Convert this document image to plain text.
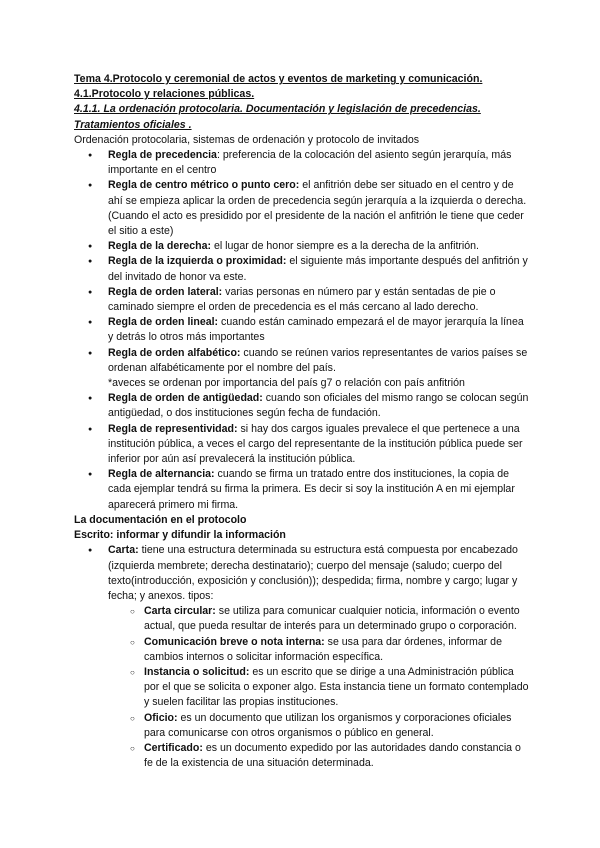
Tema 4.Protocolo y ceremonial de actos y eventos de marketing y comunicación.

4.1.Protocolo y relaciones públicas.

4.1.1. La ordenación protocolaria. Documentación y legislación de precedencias. Tratamientos oficiales .

Ordenación protocolaria, sistemas de ordenación y protocolo de invitados

● Regla de precedencia: preferencia de la colocación del asiento según jerarquía, más importante en el centro
● Regla de centro métrico o punto cero: el anfitrión debe ser situado en el centro y de ahí se empieza aplicar la orden de precedencia según jerarquía a la izquierda o derecha. (Cuando el acto es presidido por el presidente de la nación el anfitrión le tiene que ceder el sitio a este)
● Regla de la derecha: el lugar de honor siempre es a la derecha de la anfitrión.
● Regla de la izquierda o proximidad: el siguiente más importante después del anfitrión y del invitado de honor va este.
● Regla de orden lateral: varias personas en número par y están sentadas de pie o caminado siempre el orden de precedencia es el más cercano al lado derecho.
● Regla de orden lineal: cuando están caminado empezará el de mayor jerarquía la línea y detrás lo otros más importantes
● Regla de orden alfabético: cuando se reúnen varios representantes de varios países se ordenan alfabéticamente por el nombre del país.
*aveces se ordenan por importancia del país g7 o relación con país anfitrión
● Regla de orden de antigüedad: cuando son oficiales del mismo rango se colocan según antigüedad, o dos instituciones según fecha de fundación.
● Regla de representividad: si hay dos cargos iguales prevalece el que pertenece a una institución pública, a veces el cargo del representante de la institución pública puede ser inferior por aún así prevalecerá la institución pública.
● Regla de alternancia: cuando se firma un tratado entre dos instituciones, la copia de cada ejemplar tendrá su firma la primera. Es decir si soy la institución A en mi ejemplar aparecerá primero mi firma.

La documentación en el protocolo

Escrito: informar y difundir la información

● Carta: tiene una estructura determinada su estructura está compuesta por encabezado (izquierda membrete; derecha destinatario); cuerpo del mensaje (saludo; cuerpo del texto(introducción, exposición y conclusión)); despedida; firma, nombre y cargo; lugar y fecha; y anexos. tipos:
○ Carta circular: se utiliza para comunicar cualquier noticia, información o evento actual, que pueda resultar de interés para un determinado grupo o corporación.
○ Comunicación breve o nota interna: se usa para dar órdenes, informar de cambios internos o solicitar información específica.
○ Instancia o solicitud: es un escrito que se dirige a una Administración pública por el que se solicita o exponer algo. Esta instancia tiene un formato contemplado y suelen facilitar las propias instituciones.
○ Oficio: es un documento que utilizan los organismos y corporaciones oficiales para comunicarse con otros organismos o público en general.
○ Certificado: es un documento expedido por las autoridades dando constancia o fe de la existencia de una situación determinada.
